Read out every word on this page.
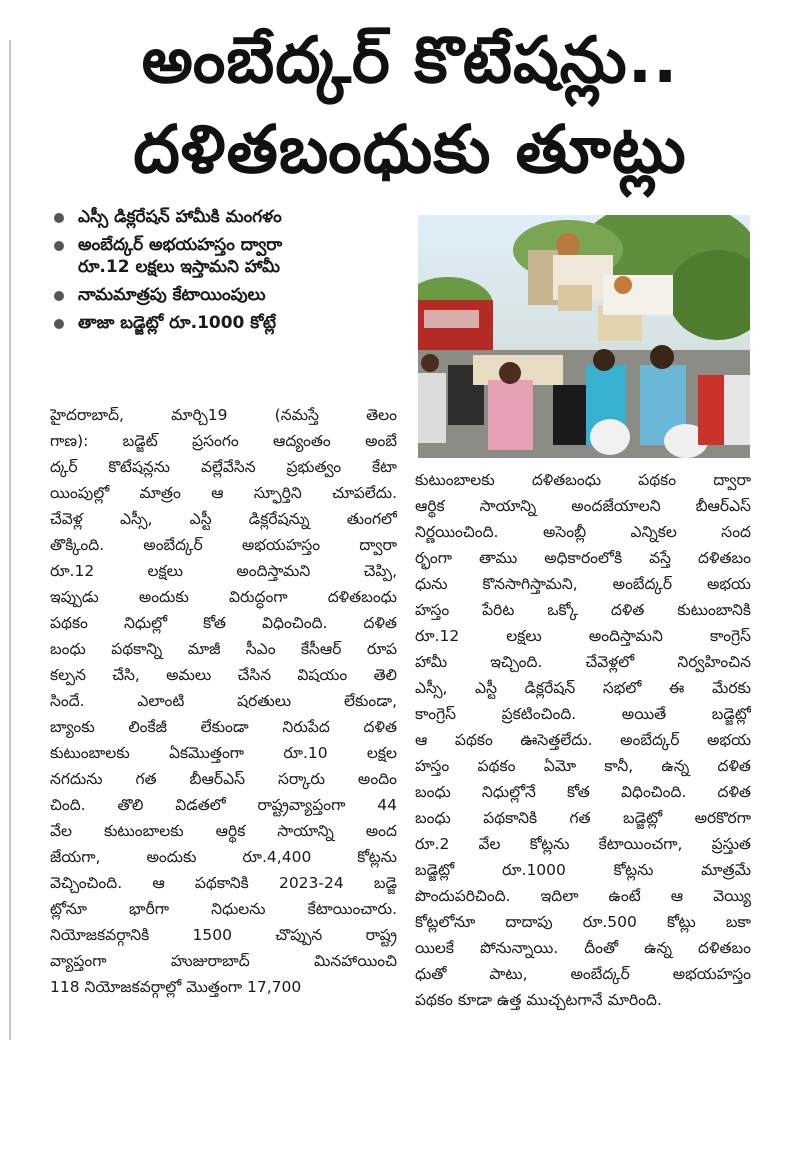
అంబేద్కర్ కొటేషన్లు..
దళితబంధుకు తూట్లు
ఎస్సీ డిక్లరేషన్ హామీకి మంగళం
అంబేద్కర్ అభయహస్తం ద్వారా
రూ.12 లక్షలు ఇస్తామని హామీ
నామమాత్రపు కేటాయింపులు
తాజా బడ్జెట్లో రూ.1000 కోట్లే
హైదరాబాద్, మార్చి19 (నమస్తే తెలం
గాణ): బడ్జెట్ ప్రసంగం ఆద్యంతం అంబే
ద్కర్ కొటేషన్లను వల్లేవేసిన ప్రభుత్వం కేటా
యింపుల్లో మాత్రం ఆ స్ఫూర్తిని చూపలేదు.
చేవెళ్ల ఎస్సీ, ఎస్టీ డిక్లరేషన్ను తుంగలో
తొక్కింది. అంబేద్కర్ అభయహస్తం ద్వారా
రూ.12 లక్షలు అందిస్తామని చెప్పి,
ఇప్పుడు అందుకు విరుద్ధంగా దళితబంధు
పథకం నిధుల్లో కోత విధించింది. దళిత
బంధు పథకాన్ని మాజీ సీఎం కేసీఆర్ రూప
కల్పన చేసి, అమలు చేసిన విషయం తెలి
సిందే. ఎలాంటి షరతులు లేకుండా,
బ్యాంకు లింకేజీ లేకుండా నిరుపేద దళిత
కుటుంబాలకు ఏకమొత్తంగా రూ.10 లక్షల
నగదును గత బీఆర్ఎస్ సర్కారు అందిం
చింది. తొలి విడతలో రాష్ట్రవ్యాప్తంగా 44
వేల కుటుంబాలకు ఆర్థిక సాయాన్ని అంద
జేయగా, అందుకు రూ.4,400 కోట్లను
వెచ్చించింది. ఆ పథకానికి 2023-24 బడ్జె
ట్లోనూ భారీగా నిధులను కేటాయించారు.
నియోజకవర్గానికి 1500 చొప్పున రాష్ట్ర
వ్యాప్తంగా హుజురాబాద్ మినహాయించి
118 నియోజకవర్గాల్లో మొత్తంగా 17,700
కుటుంబాలకు దళితబంధు పథకం ద్వారా
ఆర్థిక సాయాన్ని అందజేయాలని బీఆర్ఎస్
నిర్ణయించింది. అసెంబ్లీ ఎన్నికల సంద
ర్భంగా తాము అధికారంలోకి వస్తే దళితబం
ధును కొనసాగిస్తామని, అంబేద్కర్ అభయ
హస్తం పేరిట ఒక్కో దళిత కుటుంబానికి
రూ.12 లక్షలు అందిస్తామని కాంగ్రెస్
హామీ ఇచ్చింది. చేవెళ్లలో నిర్వహించిన
ఎస్సీ, ఎస్టీ డిక్లరేషన్ సభలో ఈ మేరకు
కాంగ్రెస్ ప్రకటించింది. అయితే బడ్జెట్లో
ఆ పథకం ఊసెత్తలేదు. అంబేద్కర్ అభయ
హస్తం పథకం ఏమో కానీ, ఉన్న దళిత
బంధు నిధుల్లోనే కోత విధించింది. దళిత
బంధు పథకానికి గత బడ్జెట్లో అరకొరగా
రూ.2 వేల కోట్లను కేటాయించగా, ప్రస్తుత
బడ్జెట్లో రూ.1000 కోట్లను మాత్రమే
పొందుపరిచింది. ఇదిలా ఉంటే ఆ వెయ్యి
కోట్లలోనూ దాదాపు రూ.500 కోట్లు బకా
యిలకే పోనున్నాయి. దీంతో ఉన్న దళితబం
ధుతో పాటు, అంబేద్కర్ అభయహస్తం
పథకం కూడా ఉత్త ముచ్చటగానే మారింది.
